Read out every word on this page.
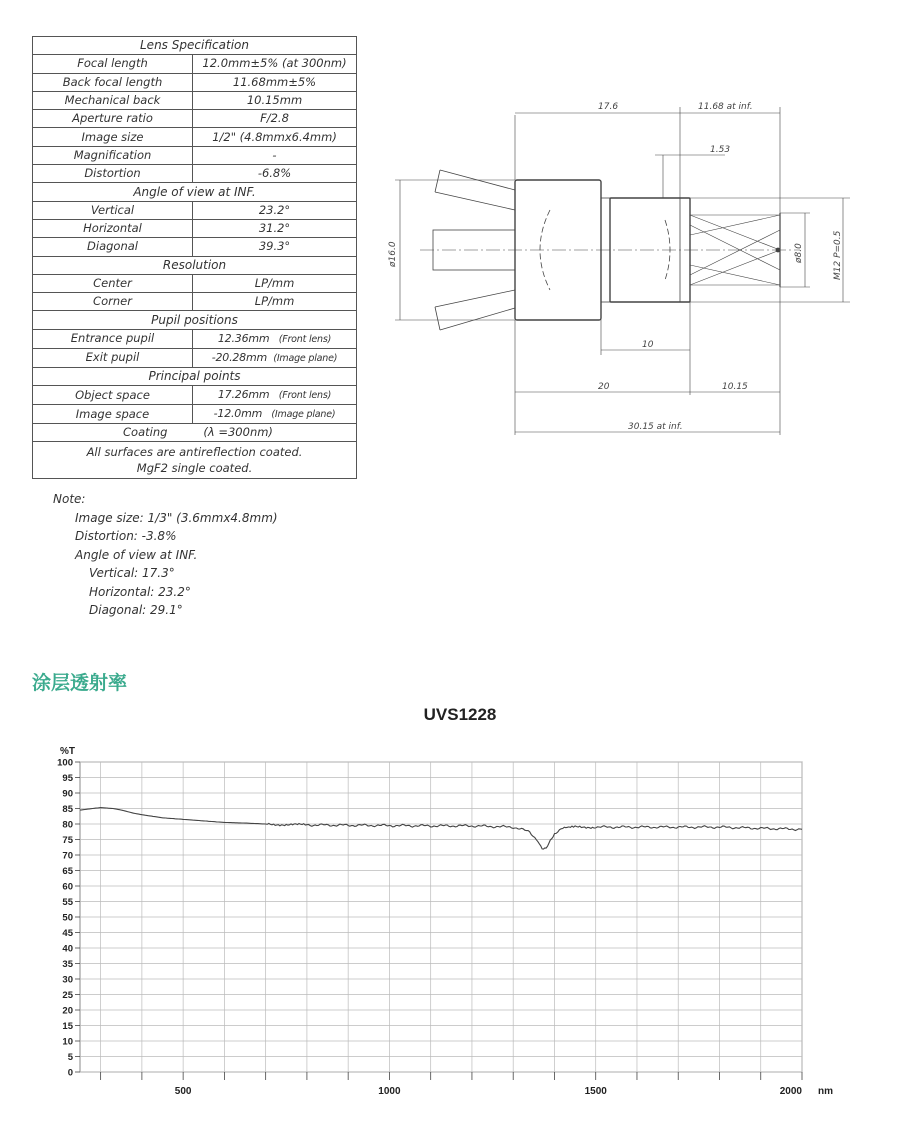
Lens Specification	
Focal length	12.0mm±5% (at 300nm)
Back focal length	11.68mm±5%
Mechanical back	10.15mm
Aperture ratio	F/2.8
Image size	1/2" (4.8mmx6.4mm)
Magnification	-
Distortion	-6.8%
Angle of view at INF.	
Vertical	23.2°
Horizontal	31.2°
Diagonal	39.3°
Resolution	
Center	LP/mm
Corner	LP/mm
Pupil positions	
Entrance pupil	12.36mm (Front lens)
Exit pupil	-20.28mm (Image plane)
Principal points	
Object space	17.26mm (Front lens)
Image space	-12.0mm (Image plane)
Coating (λ =300nm)	

All surfaces are antireflection coated.
MgF2 single coated.	
Note:
Image size: 1/3" (3.6mmx4.8mm)
Distortion: -3.8%
Angle of view at INF.
Vertical: 17.3°
Horizontal: 23.2°
Diagonal: 29.1°
17.6	11.68 at inf.
1.53
ø16.0	ø8.0	M12 P=0.5
10
20	10.15
30.15 at inf.
涂层透射率
UVS1228
%T
0
5
10
15
20
25
30
35
40
45
50
55
60
65
70
75
80
85
90
95
100
500	1000	1500	2000 nm
